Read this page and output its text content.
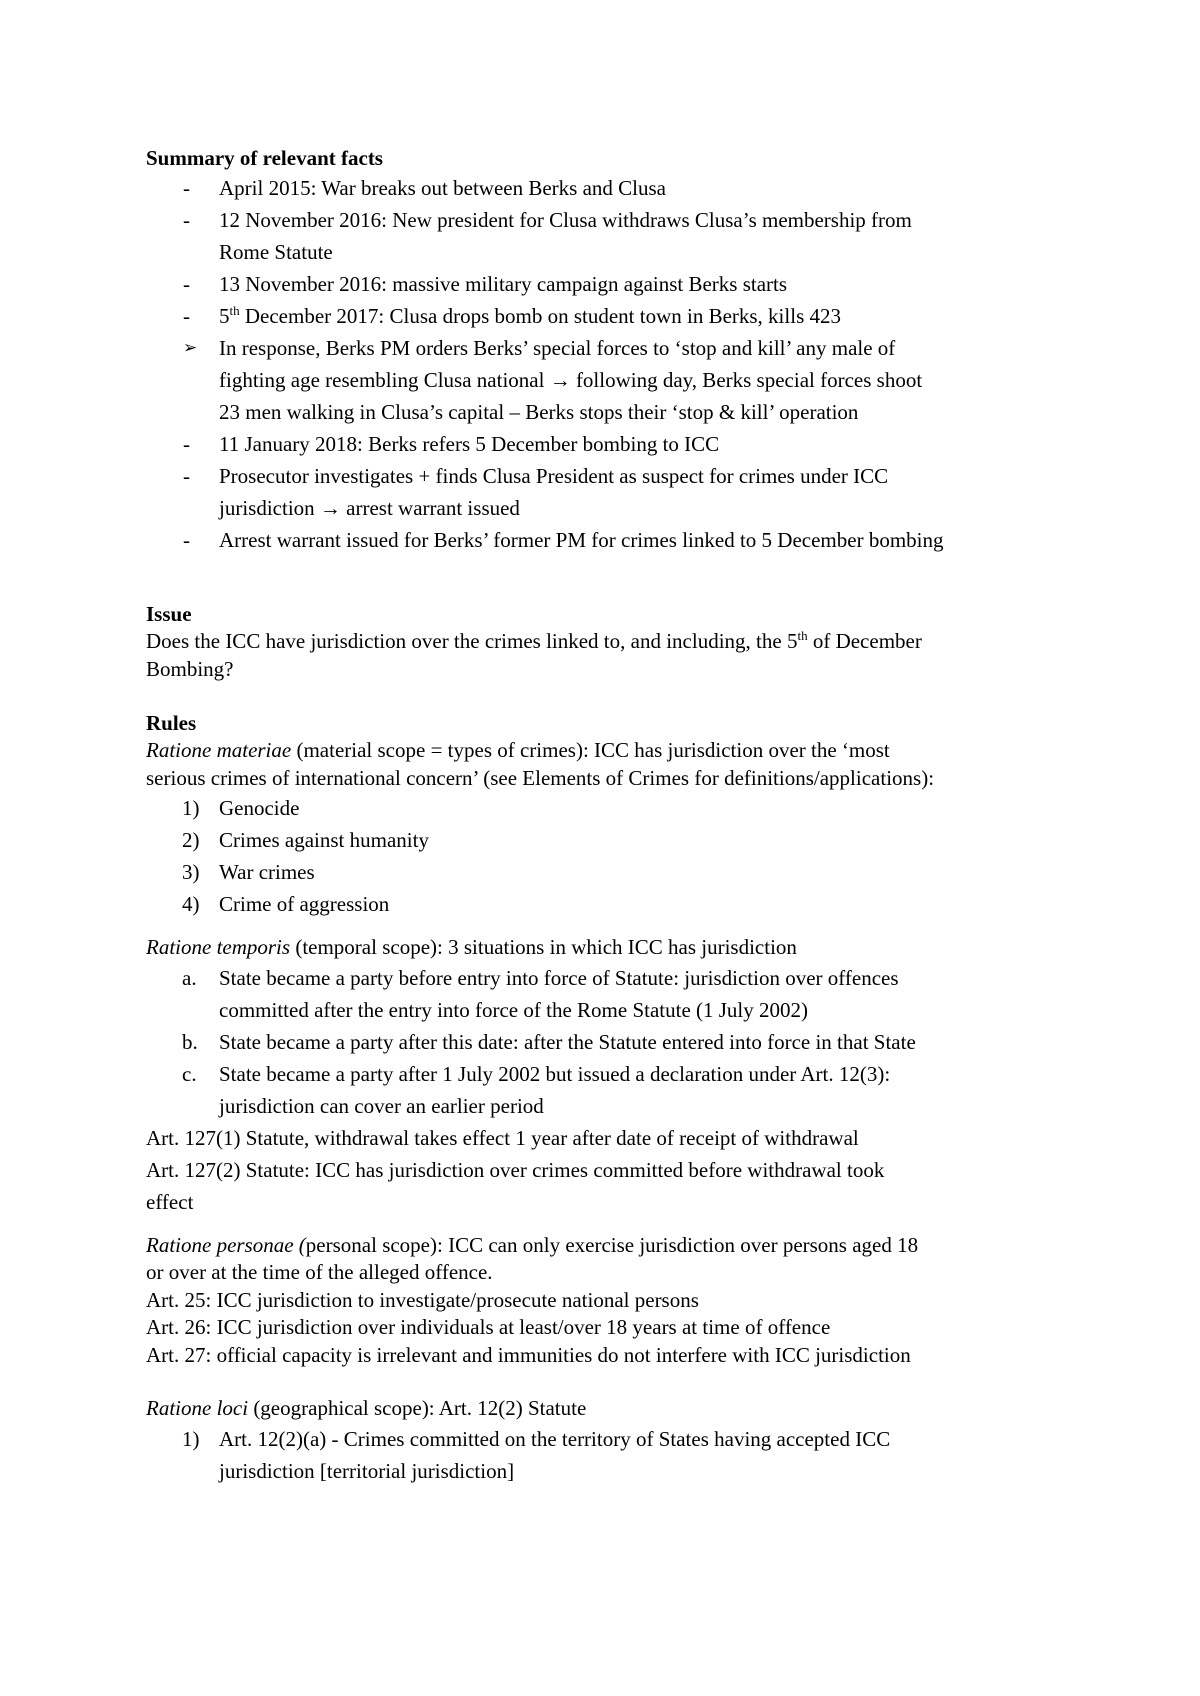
Summary of relevant facts
- April 2015: War breaks out between Berks and Clusa
- 12 November 2016: New president for Clusa withdraws Clusa’s membership from
Rome Statute
- 13 November 2016: massive military campaign against Berks starts
- 5th December 2017: Clusa drops bomb on student town in Berks, kills 423
➢ In response, Berks PM orders Berks’ special forces to ‘stop and kill’ any male of
fighting age resembling Clusa national → following day, Berks special forces shoot
23 men walking in Clusa’s capital – Berks stops their ‘stop & kill’ operation
- 11 January 2018: Berks refers 5 December bombing to ICC
- Prosecutor investigates + finds Clusa President as suspect for crimes under ICC
jurisdiction → arrest warrant issued
- Arrest warrant issued for Berks’ former PM for crimes linked to 5 December bombing
Issue

Does the ICC have jurisdiction over the crimes linked to, and including, the 5th of December

Bombing?

Rules

Ratione materiae (material scope = types of crimes): ICC has jurisdiction over the ‘most

serious crimes of international concern’ (see Elements of Crimes for definitions/applications):

1) Genocide
2) Crimes against humanity
3) War crimes
4) Crime of aggression

Ratione temporis (temporal scope): 3 situations in which ICC has jurisdiction

a. State became a party before entry into force of Statute: jurisdiction over offences
committed after the entry into force of the Rome Statute (1 July 2002)
b. State became a party after this date: after the Statute entered into force in that State
c. State became a party after 1 July 2002 but issued a declaration under Art. 12(3):
jurisdiction can cover an earlier period
Art. 127(1) Statute, withdrawal takes effect 1 year after date of receipt of withdrawal
Art. 127(2) Statute: ICC has jurisdiction over crimes committed before withdrawal took
effect

Ratione personae (personal scope): ICC can only exercise jurisdiction over persons aged 18

or over at the time of the alleged offence.

Art. 25: ICC jurisdiction to investigate/prosecute national persons

Art. 26: ICC jurisdiction over individuals at least/over 18 years at time of offence

Art. 27: official capacity is irrelevant and immunities do not interfere with ICC jurisdiction

Ratione loci (geographical scope): Art. 12(2) Statute

1) Art. 12(2)(a) - Crimes committed on the territory of States having accepted ICC
jurisdiction [territorial jurisdiction]
